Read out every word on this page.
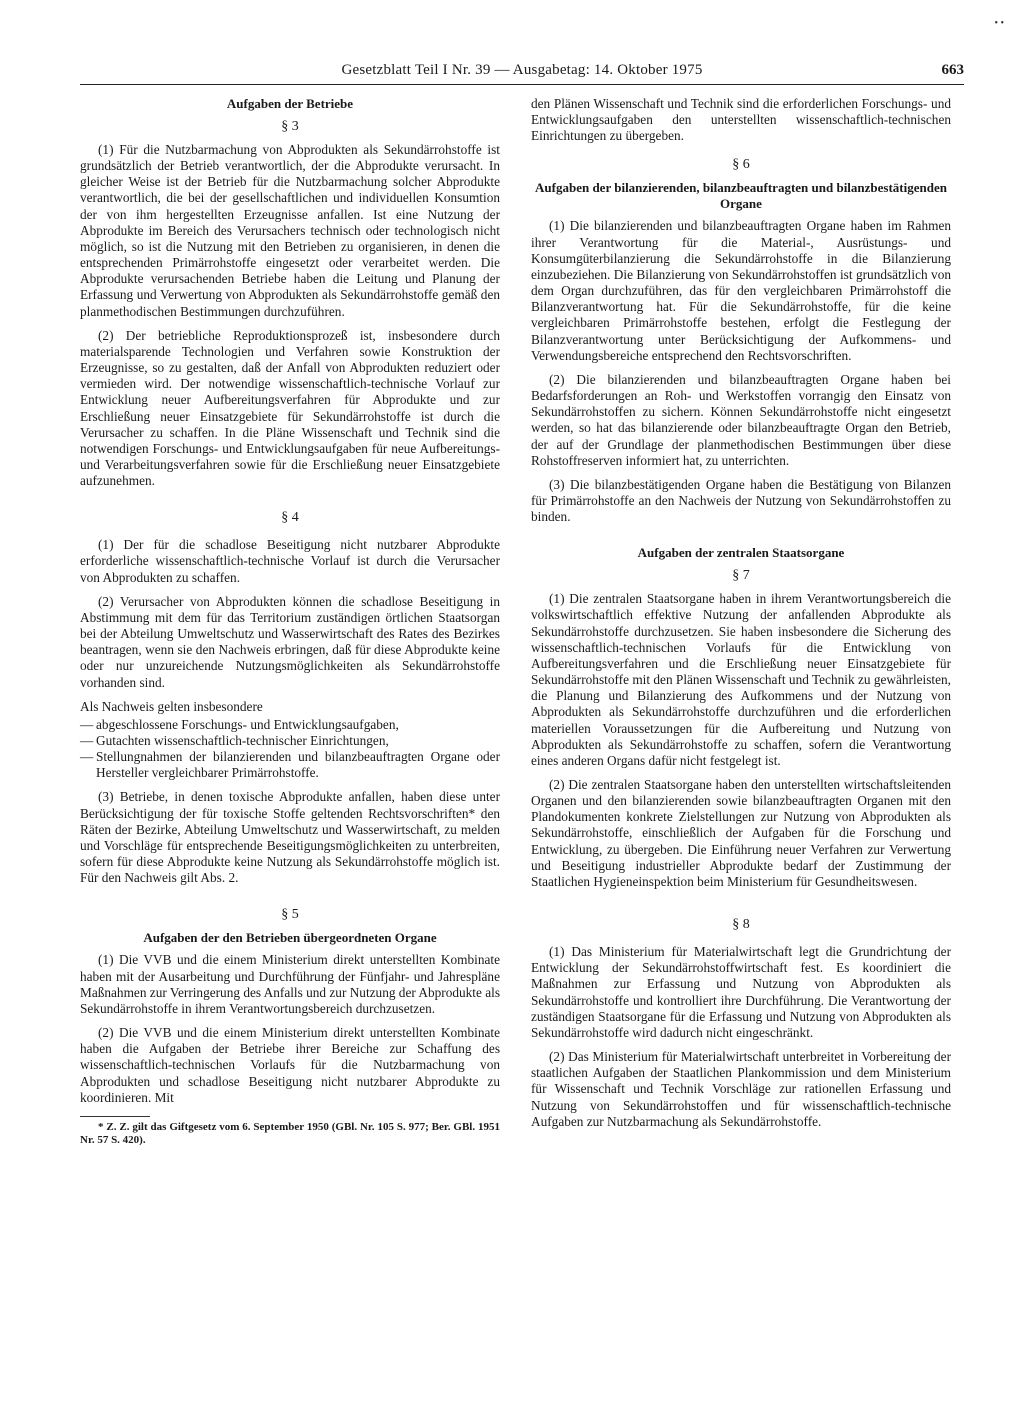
• •
Gesetzblatt Teil I Nr. 39 — Ausgabetag: 14. Oktober 1975	663
Aufgaben der Betriebe
§ 3

(1) Für die Nutzbarmachung von Abprodukten als Sekundärrohstoffe ist grundsätzlich der Betrieb verantwortlich, der die Abprodukte verursacht. In gleicher Weise ist der Betrieb für die Nutzbarmachung solcher Abprodukte verantwortlich, die bei der gesellschaftlichen und individuellen Konsumtion der von ihm hergestellten Erzeugnisse anfallen. Ist eine Nutzung der Abprodukte im Bereich des Verursachers technisch oder technologisch nicht möglich, so ist die Nutzung mit den Betrieben zu organisieren, in denen die entsprechenden Primärrohstoffe eingesetzt oder verarbeitet werden. Die Abprodukte verursachenden Betriebe haben die Leitung und Planung der Erfassung und Verwertung von Abprodukten als Sekundärrohstoffe gemäß den planmethodischen Bestimmungen durchzuführen.

(2) Der betriebliche Reproduktionsprozeß ist, insbesondere durch materialsparende Technologien und Verfahren sowie Konstruktion der Erzeugnisse, so zu gestalten, daß der Anfall von Abprodukten reduziert oder vermieden wird. Der notwendige wissenschaftlich-technische Vorlauf zur Entwicklung neuer Aufbereitungsverfahren für Abprodukte und zur Erschließung neuer Einsatzgebiete für Sekundärrohstoffe ist durch die Verursacher zu schaffen. In die Pläne Wissenschaft und Technik sind die notwendigen Forschungs- und Entwicklungsaufgaben für neue Aufbereitungs- und Verarbeitungsverfahren sowie für die Erschließung neuer Einsatzgebiete aufzunehmen.

§ 4

(1) Der für die schadlose Beseitigung nicht nutzbarer Abprodukte erforderliche wissenschaftlich-technische Vorlauf ist durch die Verursacher von Abprodukten zu schaffen.

(2) Verursacher von Abprodukten können die schadlose Beseitigung in Abstimmung mit dem für das Territorium zuständigen örtlichen Staatsorgan bei der Abteilung Umweltschutz und Wasserwirtschaft des Rates des Bezirkes beantragen, wenn sie den Nachweis erbringen, daß für diese Abprodukte keine oder nur unzureichende Nutzungsmöglichkeiten als Sekundärrohstoffe vorhanden sind.

Als Nachweis gelten insbesondere

— abgeschlossene Forschungs- und Entwicklungsaufgaben,
— Gutachten wissenschaftlich-technischer Einrichtungen,
— Stellungnahmen der bilanzierenden und bilanzbeauftragten Organe oder Hersteller vergleichbarer Primärrohstoffe.

(3) Betriebe, in denen toxische Abprodukte anfallen, haben diese unter Berücksichtigung der für toxische Stoffe geltenden Rechtsvorschriften* den Räten der Bezirke, Abteilung Umweltschutz und Wasserwirtschaft, zu melden und Vorschläge für entsprechende Beseitigungsmöglichkeiten zu unterbreiten, sofern für diese Abprodukte keine Nutzung als Sekundärrohstoffe möglich ist. Für den Nachweis gilt Abs. 2.

§ 5
Aufgaben der den Betrieben übergeordneten Organe

(1) Die VVB und die einem Ministerium direkt unterstellten Kombinate haben mit der Ausarbeitung und Durchführung der Fünfjahr- und Jahrespläne Maßnahmen zur Verringerung des Anfalls und zur Nutzung der Abprodukte als Sekundärrohstoffe in ihrem Verantwortungsbereich durchzusetzen.

(2) Die VVB und die einem Ministerium direkt unterstellten Kombinate haben die Aufgaben der Betriebe ihrer Bereiche zur Schaffung des wissenschaftlich-technischen Vorlaufs für die Nutzbarmachung von Abprodukten und schadlose Beseitigung nicht nutzbarer Abprodukte zu koordinieren. Mit

* Z. Z. gilt das Giftgesetz vom 6. September 1950 (GBl. Nr. 105 S. 977; Ber. GBl. 1951 Nr. 57 S. 420).

den Plänen Wissenschaft und Technik sind die erforderlichen Forschungs- und Entwicklungsaufgaben den unterstellten wissenschaftlich-technischen Einrichtungen zu übergeben.

§ 6
Aufgaben der bilanzierenden, bilanzbeauftragten und bilanzbestätigenden Organe

(1) Die bilanzierenden und bilanzbeauftragten Organe haben im Rahmen ihrer Verantwortung für die Material-, Ausrüstungs- und Konsumgüterbilanzierung die Sekundärrohstoffe in die Bilanzierung einzubeziehen. Die Bilanzierung von Sekundärrohstoffen ist grundsätzlich von dem Organ durchzuführen, das für den vergleichbaren Primärrohstoff die Bilanzverantwortung hat. Für die Sekundärrohstoffe, für die keine vergleichbaren Primärrohstoffe bestehen, erfolgt die Festlegung der Bilanzverantwortung unter Berücksichtigung der Aufkommens- und Verwendungsbereiche entsprechend den Rechtsvorschriften.

(2) Die bilanzierenden und bilanzbeauftragten Organe haben bei Bedarfsforderungen an Roh- und Werkstoffen vorrangig den Einsatz von Sekundärrohstoffen zu sichern. Können Sekundärrohstoffe nicht eingesetzt werden, so hat das bilanzierende oder bilanzbeauftragte Organ den Betrieb, der auf der Grundlage der planmethodischen Bestimmungen über diese Rohstoffreserven informiert hat, zu unterrichten.

(3) Die bilanzbestätigenden Organe haben die Bestätigung von Bilanzen für Primärrohstoffe an den Nachweis der Nutzung von Sekundärrohstoffen zu binden.

Aufgaben der zentralen Staatsorgane
§ 7

(1) Die zentralen Staatsorgane haben in ihrem Verantwortungsbereich die volkswirtschaftlich effektive Nutzung der anfallenden Abprodukte als Sekundärrohstoffe durchzusetzen. Sie haben insbesondere die Sicherung des wissenschaftlich-technischen Vorlaufs für die Entwicklung von Aufbereitungsverfahren und die Erschließung neuer Einsatzgebiete für Sekundärrohstoffe mit den Plänen Wissenschaft und Technik zu gewährleisten, die Planung und Bilanzierung des Aufkommens und der Nutzung von Abprodukten als Sekundärrohstoffe durchzuführen und die erforderlichen materiellen Voraussetzungen für die Aufbereitung und Nutzung von Abprodukten als Sekundärrohstoffe zu schaffen, sofern die Verantwortung eines anderen Organs dafür nicht festgelegt ist.

(2) Die zentralen Staatsorgane haben den unterstellten wirtschaftsleitenden Organen und den bilanzierenden sowie bilanzbeauftragten Organen mit den Plandokumenten konkrete Zielstellungen zur Nutzung von Abprodukten als Sekundärrohstoffe, einschließlich der Aufgaben für die Forschung und Entwicklung, zu übergeben. Die Einführung neuer Verfahren zur Verwertung und Beseitigung industrieller Abprodukte bedarf der Zustimmung der Staatlichen Hygieneinspektion beim Ministerium für Gesundheitswesen.

§ 8

(1) Das Ministerium für Materialwirtschaft legt die Grundrichtung der Entwicklung der Sekundärrohstoffwirtschaft fest. Es koordiniert die Maßnahmen zur Erfassung und Nutzung von Abprodukten als Sekundärrohstoffe und kontrolliert ihre Durchführung. Die Verantwortung der zuständigen Staatsorgane für die Erfassung und Nutzung von Abprodukten als Sekundärrohstoffe wird dadurch nicht eingeschränkt.

(2) Das Ministerium für Materialwirtschaft unterbreitet in Vorbereitung der staatlichen Aufgaben der Staatlichen Plankommission und dem Ministerium für Wissenschaft und Technik Vorschläge zur rationellen Erfassung und Nutzung von Sekundärrohstoffen und für wissenschaftlich-technische Aufgaben zur Nutzbarmachung als Sekundärrohstoffe.
